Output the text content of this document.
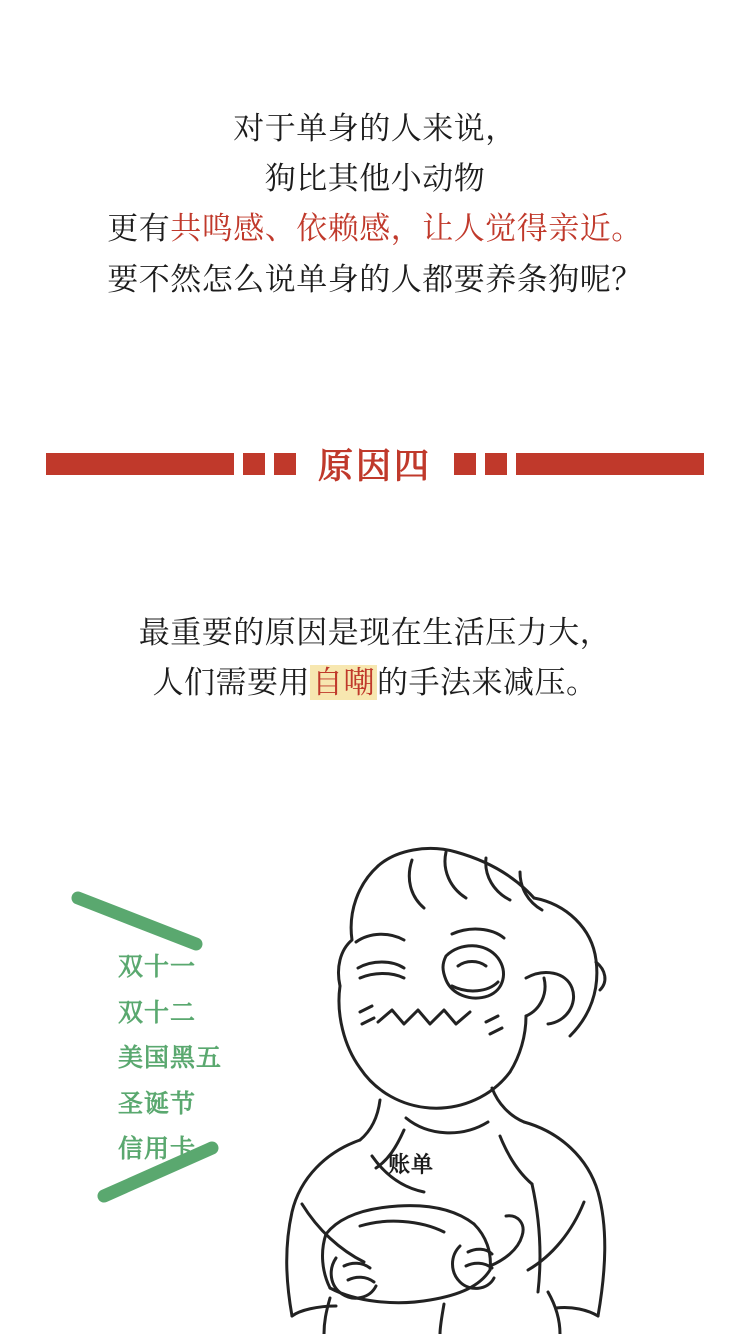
对于单身的人来说，
狗比其他小动物
更有共鸣感、依赖感，让人觉得亲近。
要不然怎么说单身的人都要养条狗呢？
原因四
最重要的原因是现在生活压力大，
人们需要用自嘲的手法来减压。
双十一
双十二
美国黑五
圣诞节
信用卡
账单
